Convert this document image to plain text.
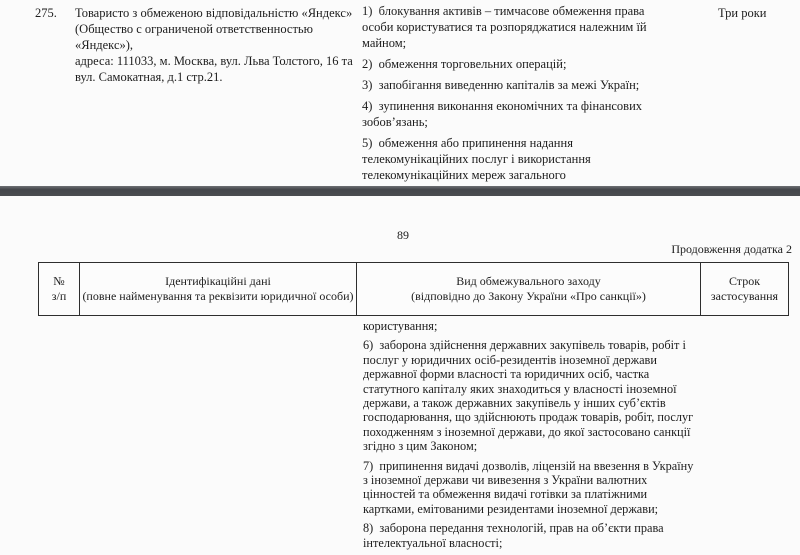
275. Товаристо з обмеженою відповідальністю «Яндекс»
(Общество с ограниченой ответственностью
«Яндекс»),
адреса: 111033, м. Москва, вул. Льва Толстого, 16 та
вул. Самокатная, д.1 стр.21.

1)  блокування активів – тимчасове обмеження права особи користуватися та розпоряджатися належним їй майном;

2)  обмеження торговельних операцій;

3)  запобігання виведенню капіталів за межі Україн;

4)  зупинення виконання економічних та фінансових зобов’язань;

5)  обмеження або припинення надання телекомунікаційних послуг і використання телекомунікаційних мереж загального

Три роки
89
Продовження додатка 2
№
з/п
Ідентифікаційні дані
(повне найменування та реквізити юридичної особи)
Вид обмежувального заходу
(відповідно до Закону України «Про санкції»)
Строк
застосування

користування;

6)  заборона здійснення державних закупівель товарів, робіт і послуг у юридичних осіб-резидентів іноземної держави державної форми власності та юридичних осіб, частка статутного капіталу яких знаходиться у власності іноземної держави, а також державних закупівель у інших суб’єктів господарювання, що здійснюють продаж товарів, робіт, послуг походженням з іноземної держави, до якої застосовано санкції згідно з цим Законом;

7)  припинення видачі дозволів, ліцензій на ввезення в Україну з іноземної держави чи вивезення з України валютних цінностей та обмеження видачі готівки за платіжними картками, емітованими резидентами іноземної держави;

8)  заборона передання технологій, прав на об’єкти права інтелектуальної власності;
